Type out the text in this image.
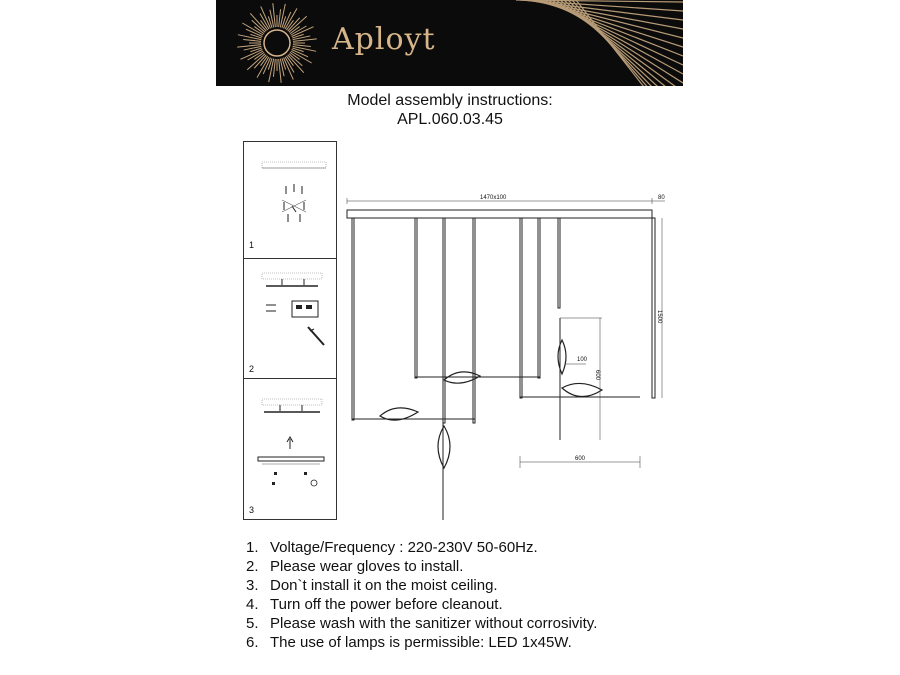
Aployt
Model assembly instructions:
APL.060.03.45
1
2
3
1470x100	80
1500
100
600
600
1. Voltage/Frequency : 220-230V 50-60Hz.
2. Please wear gloves to install.
3. Don`t install it on the moist ceiling.
4. Turn off the power before cleanout.
5. Please wash with the sanitizer without corrosivity.
6. The use of lamps is permissible: LED 1x45W.
